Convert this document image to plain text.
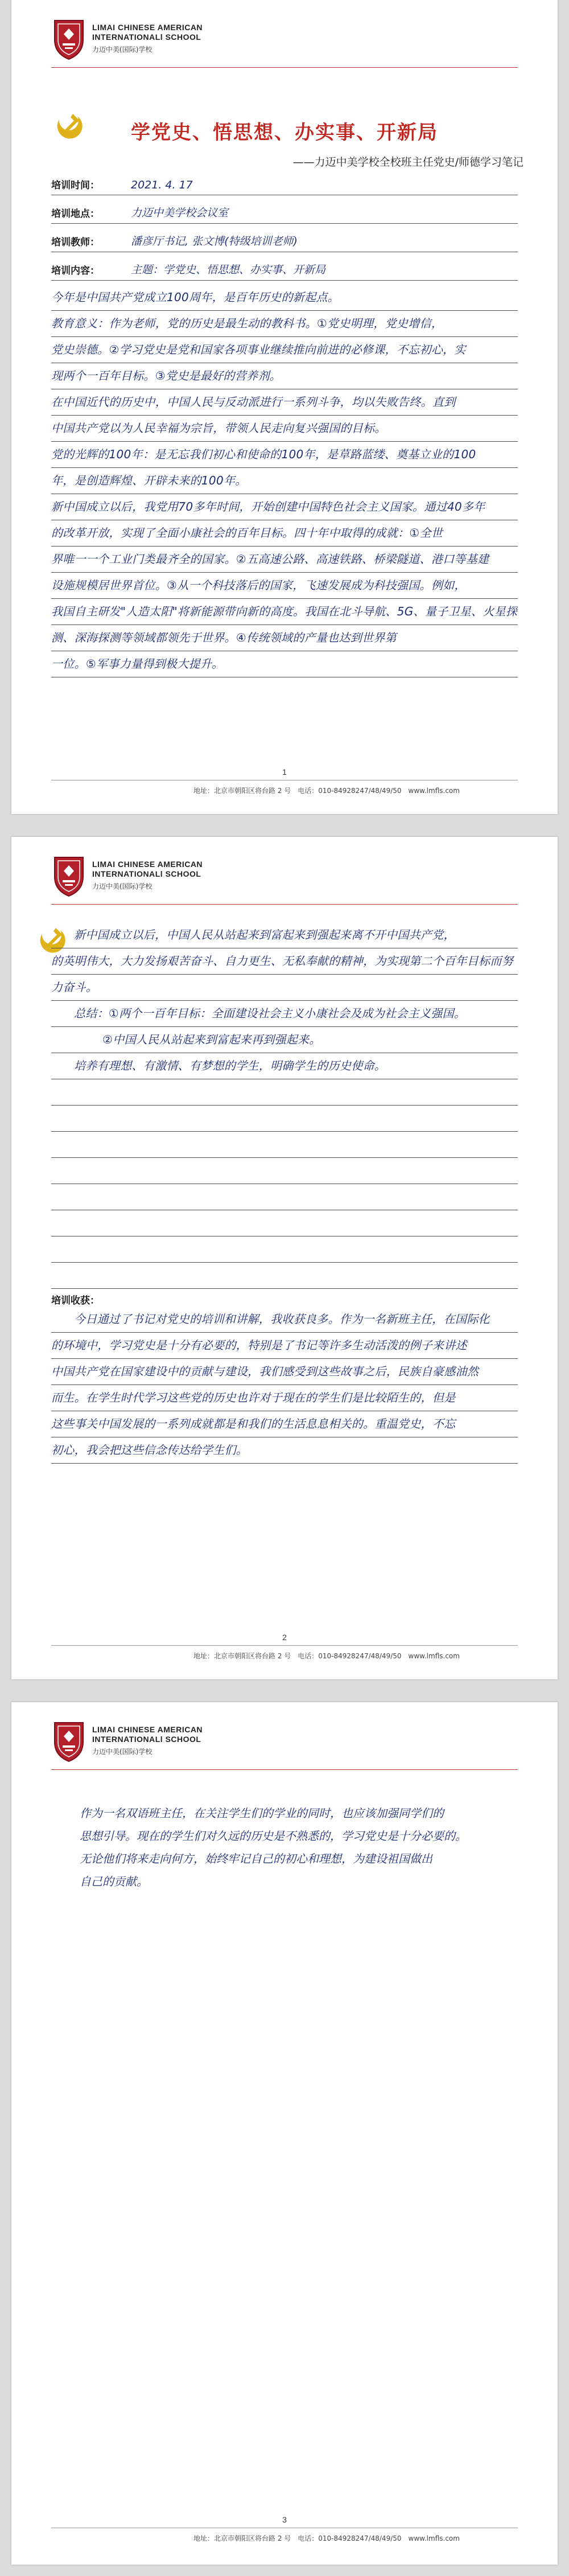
LIMAI CHINESE AMERICAN
INTERNATIONALl SCHOOL
力迈中美(国际)学校
学党史、悟思想、办实事、开新局
——力迈中美学校全校班主任党史/师德学习笔记
培训时间：	2021. 4. 17
培训地点：	力迈中美学校会议室
培训教师：	潘彦厅书记, 张文博(特级培训老师)
培训内容：	主题：学党史、悟思想、办实事、开新局
今年是中国共产党成立100周年，是百年历史的新起点。
教育意义：作为老师，党的历史是最生动的教科书。①党史明理，党史增信，
党史崇德。②学习党史是党和国家各项事业继续推向前进的必修课，不忘初心，实
现两个一百年目标。③党史是最好的营养剂。
在中国近代的历史中，中国人民与反动派进行一系列斗争，均以失败告终。直到
中国共产党以为人民幸福为宗旨，带领人民走向复兴强国的目标。
党的光辉的100年：是无忘我们初心和使命的100年，是草路蓝缕、奠基立业的100
年，是创造辉煌、开辟未来的100年。
新中国成立以后，我党用70多年时间，开始创建中国特色社会主义国家。通过40多年
的改革开放，实现了全面小康社会的百年目标。四十年中取得的成就：①全世
界唯一一个工业门类最齐全的国家。②五高速公路、高速铁路、桥梁隧道、港口等基建
设施规模居世界首位。③从一个科技落后的国家，飞速发展成为科技强国。例如，
我国自主研发"人造太阳"将新能源带向新的高度。我国在北斗导航、5G、量子卫星、火星探
测、深海探测等领域都领先于世界。④传统领域的产量也达到世界第
一位。⑤军事力量得到极大提升。
1
地址：北京市朝阳区将台路 2 号　电话：010-84928247/48/49/50　www.lmfls.com
LIMAI CHINESE AMERICAN
INTERNATIONALl SCHOOL
力迈中美(国际)学校
新中国成立以后，中国人民从站起来到富起来到强起来离不开中国共产党，
的英明伟大，大力发扬艰苦奋斗、自力更生、无私奉献的精神，为实现第二个百年目标而努
力奋斗。
总结：①两个一百年目标：全面建设社会主义小康社会及成为社会主义强国。
②中国人民从站起来到富起来再到强起来。
培养有理想、有激情、有梦想的学生，明确学生的历史使命。
培训收获：
今日通过了书记对党史的培训和讲解，我收获良多。作为一名新班主任，在国际化
的环境中，学习党史是十分有必要的，特别是了书记等许多生动活泼的例子来讲述
中国共产党在国家建设中的贡献与建设，我们感受到这些故事之后，民族自豪感油然
而生。在学生时代学习这些党的历史也许对于现在的学生们是比较陌生的，但是
这些事关中国发展的一系列成就都是和我们的生活息息相关的。重温党史，不忘
初心，我会把这些信念传达给学生们。
2
地址：北京市朝阳区将台路 2 号　电话：010-84928247/48/49/50　www.lmfls.com
LIMAI CHINESE AMERICAN
INTERNATIONALl SCHOOL
力迈中美(国际)学校
作为一名双语班主任，在关注学生们的学业的同时，也应该加强同学们的
思想引导。现在的学生们对久远的历史是不熟悉的，学习党史是十分必要的。
无论他们将来走向何方，始终牢记自己的初心和理想，为建设祖国做出
自己的贡献。
3
地址：北京市朝阳区将台路 2 号　电话：010-84928247/48/49/50　www.lmfls.com
